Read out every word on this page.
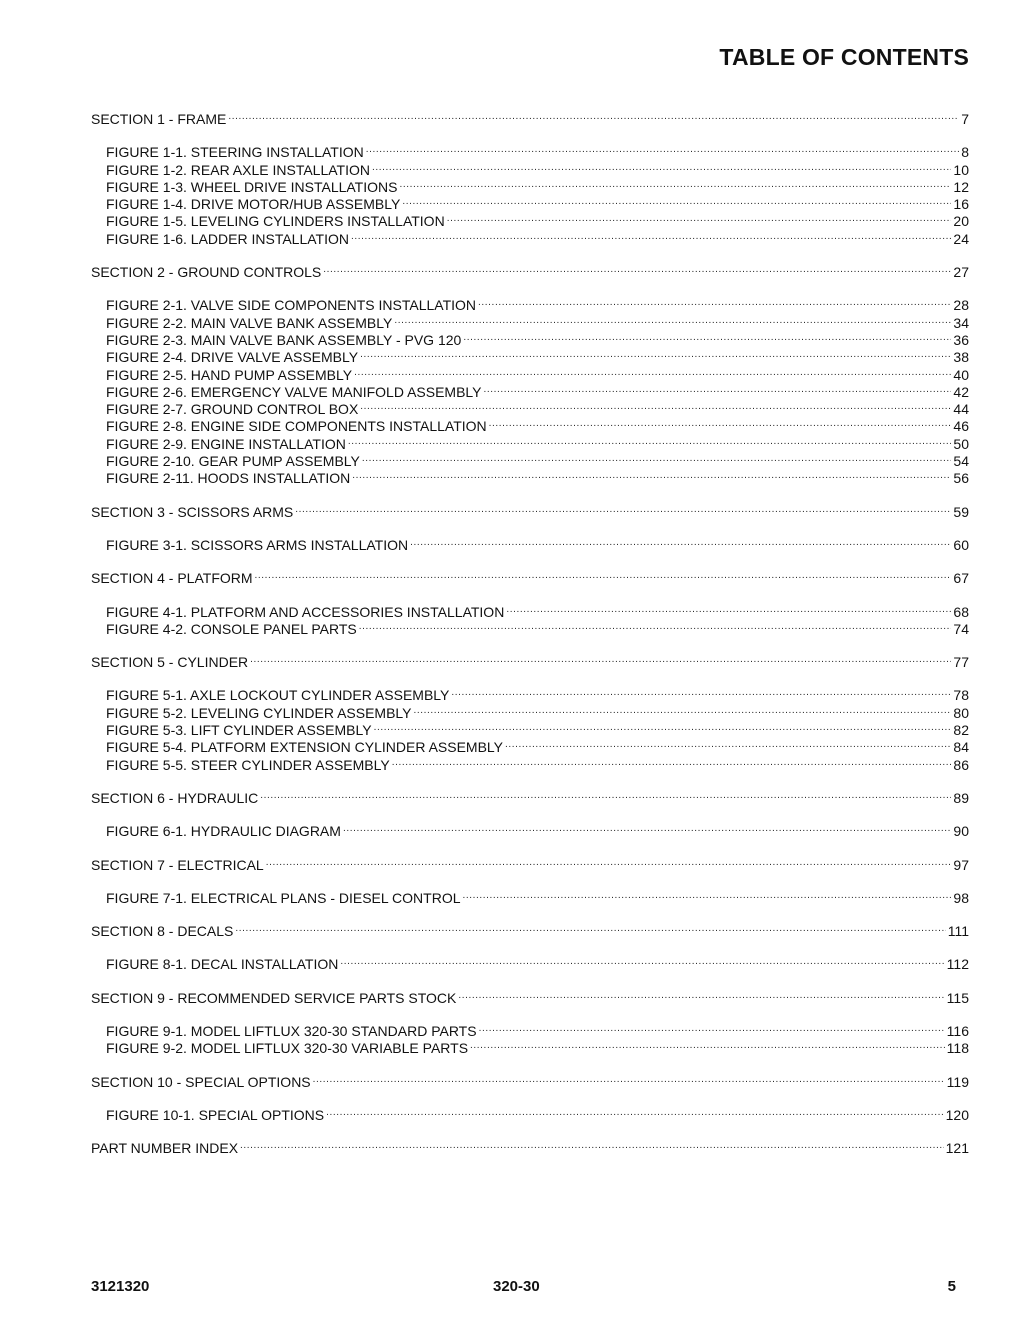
TABLE OF CONTENTS
SECTION 1 - FRAME .....	7
FIGURE 1-1. STEERING INSTALLATION .....	8
FIGURE 1-2. REAR AXLE INSTALLATION .....	10
FIGURE 1-3. WHEEL DRIVE INSTALLATIONS .....	12
FIGURE 1-4. DRIVE MOTOR/HUB ASSEMBLY .....	16
FIGURE 1-5. LEVELING CYLINDERS INSTALLATION .....	20
FIGURE 1-6. LADDER INSTALLATION .....	24
SECTION 2 - GROUND CONTROLS .....	27
FIGURE 2-1. VALVE SIDE COMPONENTS INSTALLATION .....	28
FIGURE 2-2. MAIN VALVE BANK ASSEMBLY .....	34
FIGURE 2-3. MAIN VALVE BANK ASSEMBLY - PVG 120 .....	36
FIGURE 2-4. DRIVE VALVE ASSEMBLY .....	38
FIGURE 2-5. HAND PUMP ASSEMBLY .....	40
FIGURE 2-6. EMERGENCY VALVE MANIFOLD ASSEMBLY .....	42
FIGURE 2-7. GROUND CONTROL BOX .....	44
FIGURE 2-8. ENGINE SIDE COMPONENTS INSTALLATION .....	46
FIGURE 2-9. ENGINE INSTALLATION .....	50
FIGURE 2-10. GEAR PUMP ASSEMBLY .....	54
FIGURE 2-11. HOODS INSTALLATION .....	56
SECTION 3 - SCISSORS ARMS .....	59
FIGURE 3-1. SCISSORS ARMS INSTALLATION .....	60
SECTION 4 - PLATFORM .....	67
FIGURE 4-1. PLATFORM AND ACCESSORIES INSTALLATION .....	68
FIGURE 4-2. CONSOLE PANEL PARTS .....	74
SECTION 5 - CYLINDER .....	77
FIGURE 5-1. AXLE LOCKOUT CYLINDER ASSEMBLY .....	78
FIGURE 5-2. LEVELING CYLINDER ASSEMBLY .....	80
FIGURE 5-3. LIFT CYLINDER ASSEMBLY .....	82
FIGURE 5-4. PLATFORM EXTENSION CYLINDER ASSEMBLY .....	84
FIGURE 5-5. STEER CYLINDER ASSEMBLY .....	86
SECTION 6 - HYDRAULIC .....	89
FIGURE 6-1. HYDRAULIC DIAGRAM .....	90
SECTION 7 - ELECTRICAL .....	97
FIGURE 7-1. ELECTRICAL PLANS - DIESEL CONTROL .....	98
SECTION 8 - DECALS .....	111
FIGURE 8-1. DECAL INSTALLATION .....	112
SECTION 9 - RECOMMENDED SERVICE PARTS STOCK .....	115
FIGURE 9-1. MODEL LIFTLUX 320-30 STANDARD PARTS .....	116
FIGURE 9-2. MODEL LIFTLUX 320-30 VARIABLE PARTS .....	118
SECTION 10 - SPECIAL OPTIONS .....	119
FIGURE 10-1. SPECIAL OPTIONS .....	120
PART NUMBER INDEX .....	121
3121320	320-30	5
